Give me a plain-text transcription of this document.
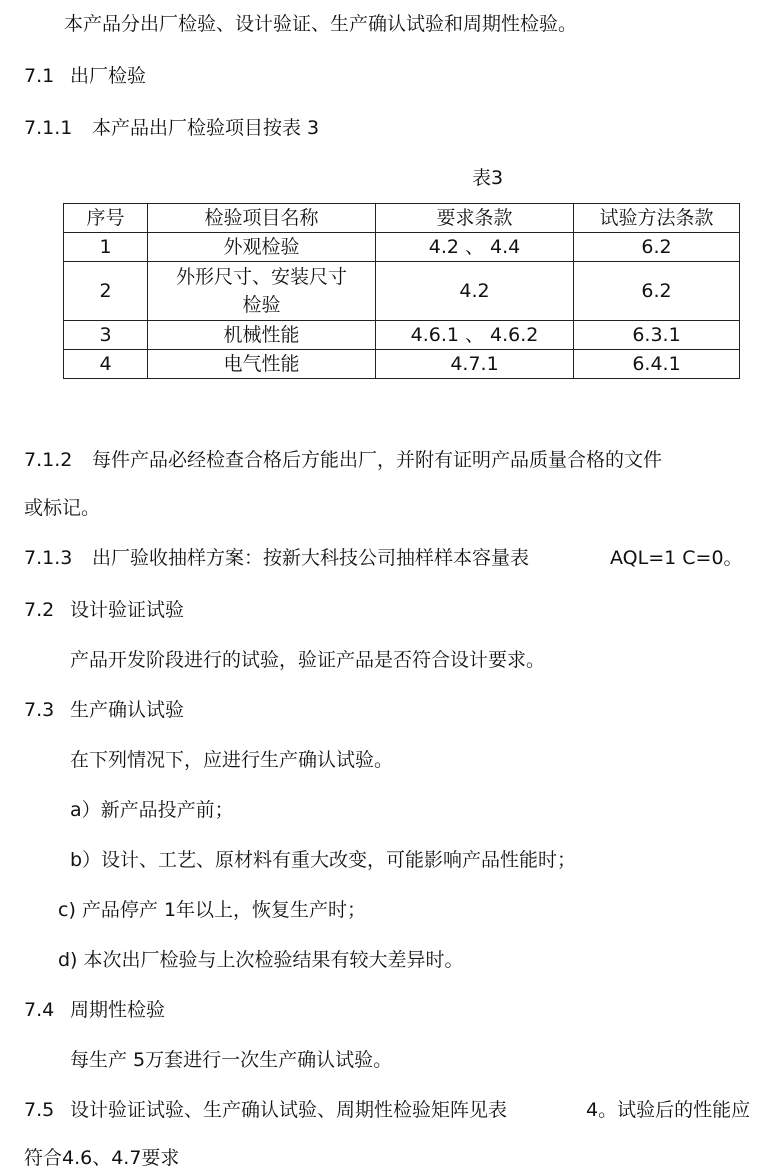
本产品分出厂检验、设计验证、生产确认试验和周期性检验。
7.1 出厂检验
7.1.1 本产品出厂检验项目按表 3
表3
序号	检验项目名称	要求条款	试验方法条款
1	外观检验	4.2 、 4.4	6.2
2	外形尺寸、安装尺寸
检验	4.2	6.2
3	机械性能	4.6.1 、 4.6.2	6.3.1
4	电气性能	4.7.1	6.4.1
7.1.2 每件产品必经检查合格后方能出厂，并附有证明产品质量合格的文件
或标记。
7.1.3 出厂验收抽样方案：按新大科技公司抽样样本容量表	AQL=1 C=0。
7.2 设计验证试验
产品开发阶段进行的试验，验证产品是否符合设计要求。
7.3 生产确认试验
在下列情况下，应进行生产确认试验。
a）新产品投产前；
b）设计、工艺、原材料有重大改变，可能影响产品性能时；
c) 产品停产 1年以上，恢复生产时；
d) 本次出厂检验与上次检验结果有较大差异时。
7.4 周期性检验
每生产 5万套进行一次生产确认试验。
7.5 设计验证试验、生产确认试验、周期性检验矩阵见表	4。试验后的性能应
符合4.6、4.7要求
